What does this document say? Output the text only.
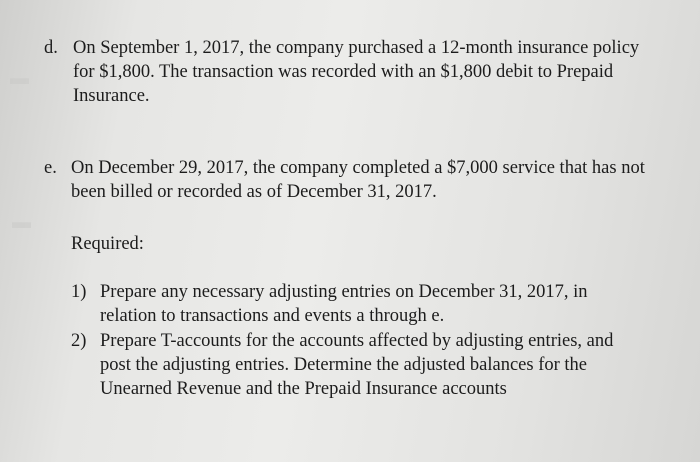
▬
▬
d. On September 1, 2017, the company purchased a 12-month insurance policy for $1,800. The transaction was recorded with an $1,800 debit to Prepaid Insurance.
e. On December 29, 2017, the company completed a $7,000 service that has not been billed or recorded as of December 31, 2017.
Required:
1) Prepare any necessary adjusting entries on December 31, 2017, in relation to transactions and events a through e.
2) Prepare T-accounts for the accounts affected by adjusting entries, and post the adjusting entries. Determine the adjusted balances for the Unearned Revenue and the Prepaid Insurance accounts
